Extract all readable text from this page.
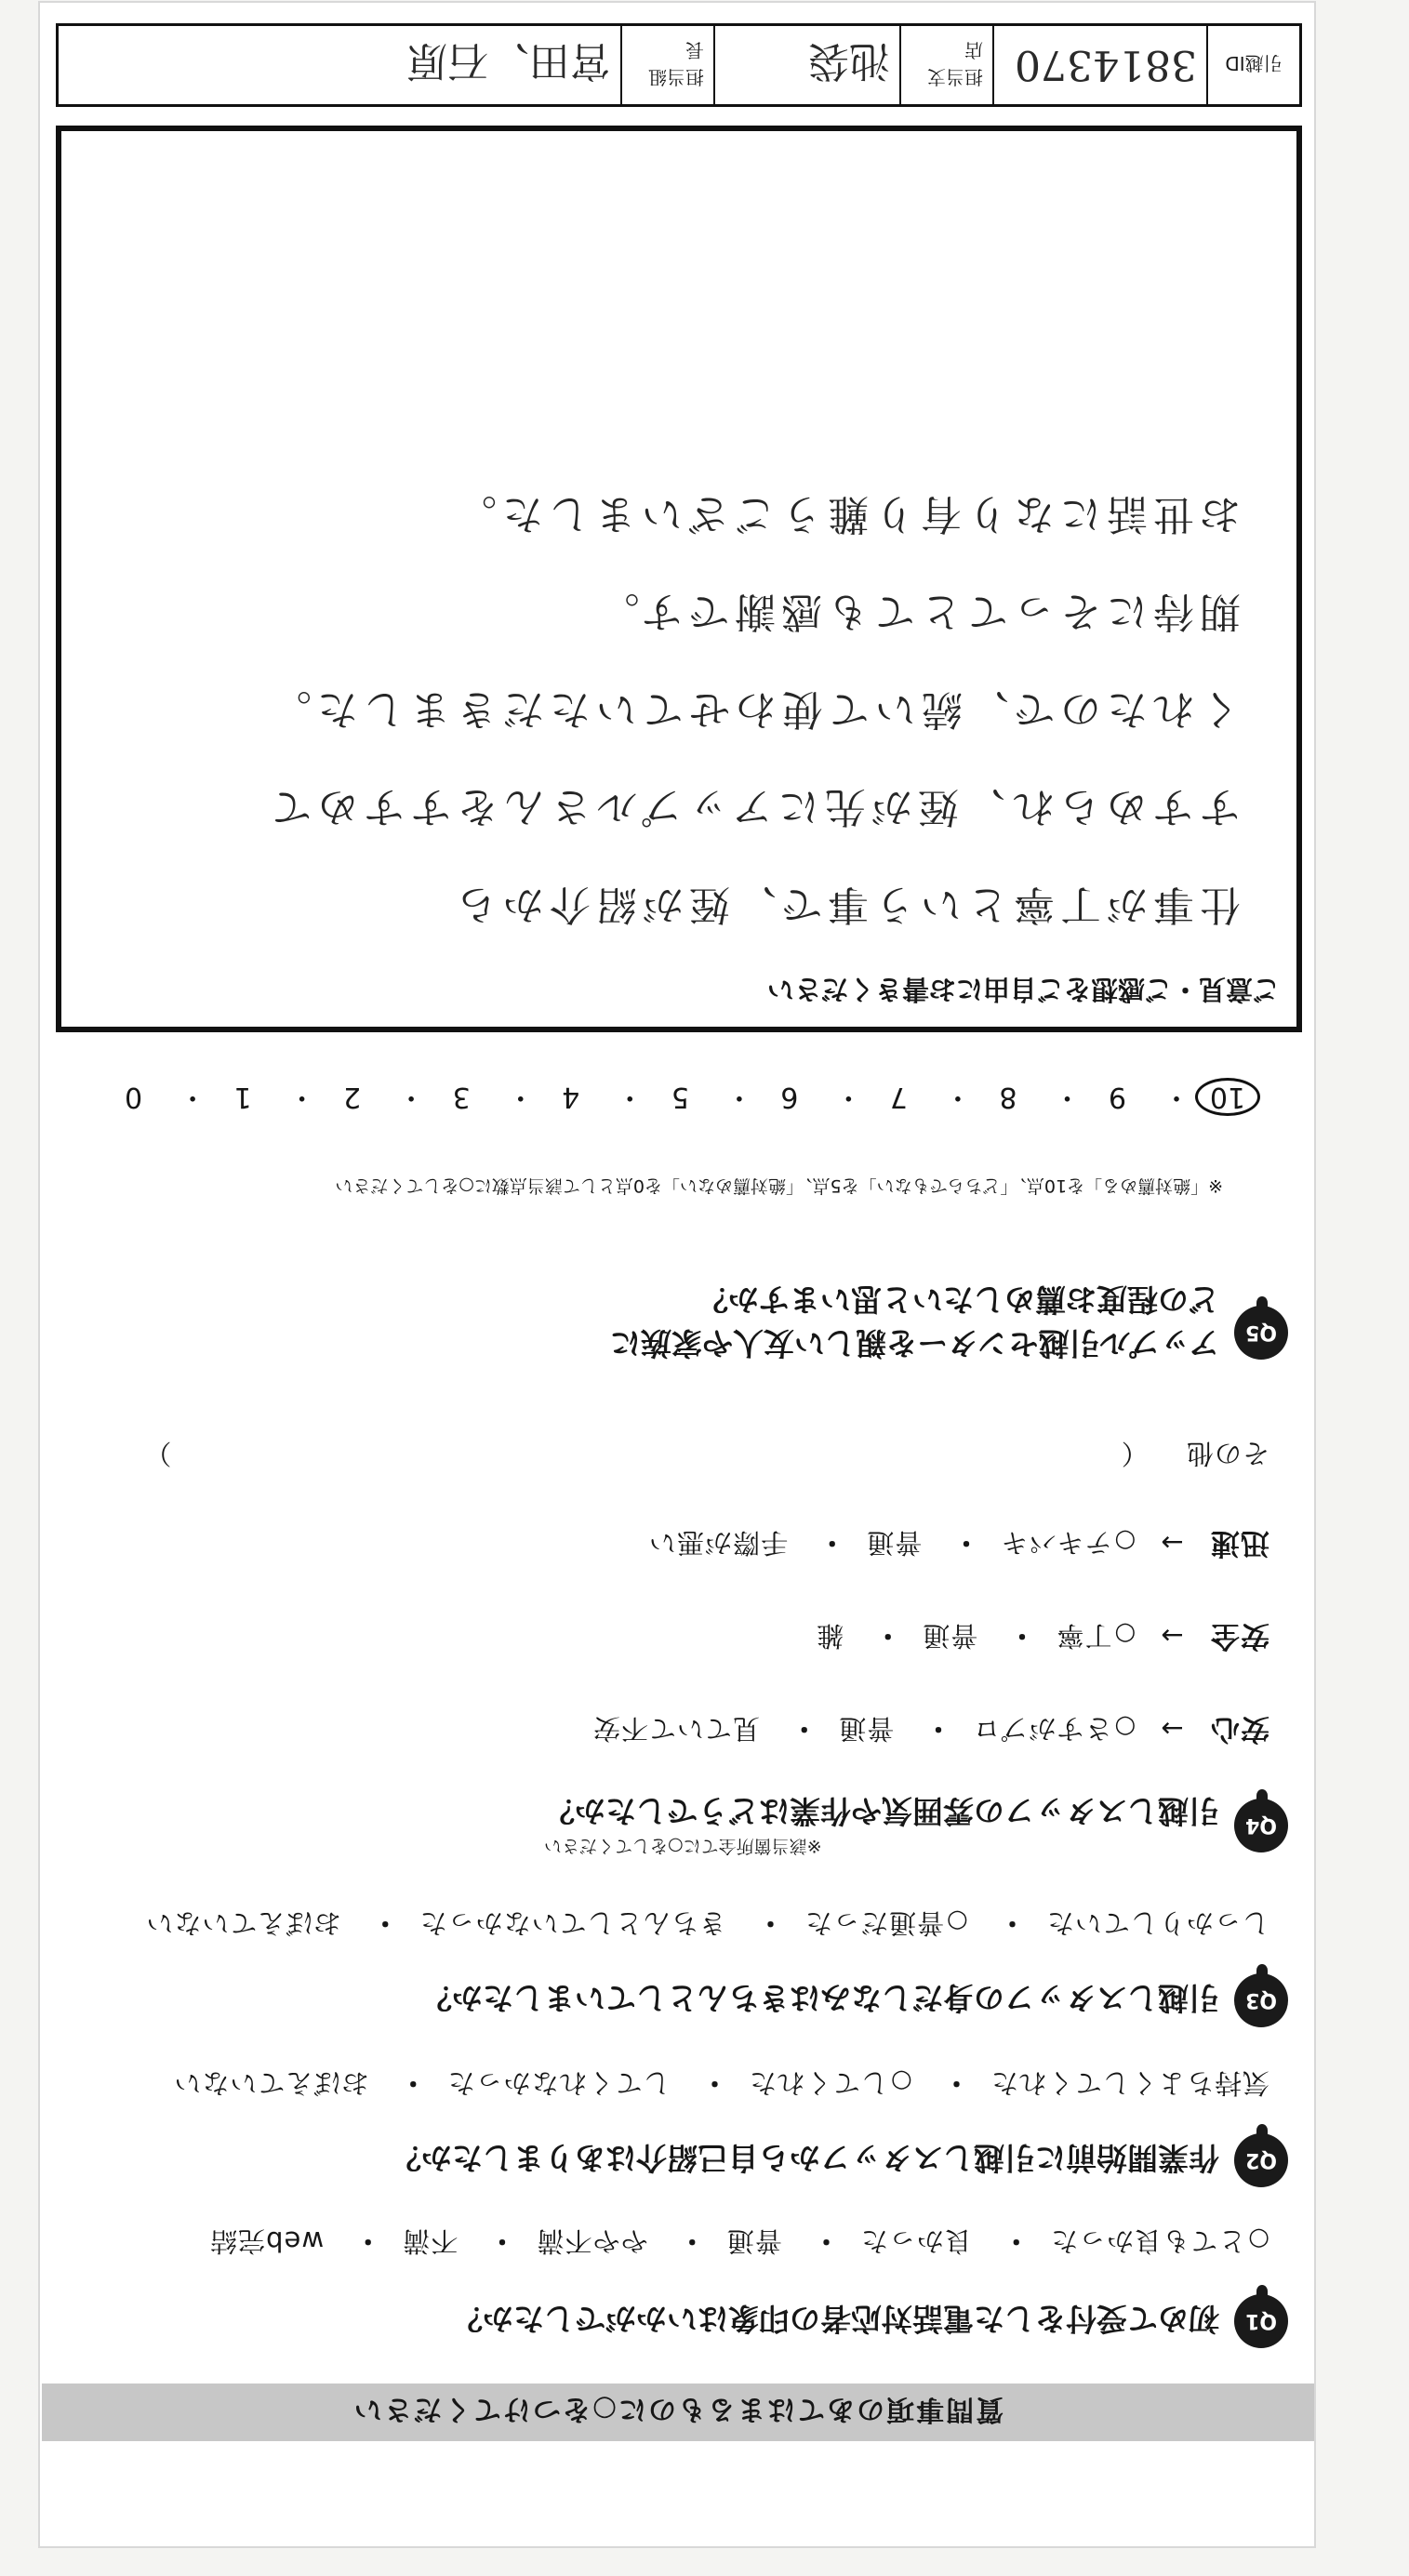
質問事項のあてはまるものに○をつけてください
Q1
初めて受付をした電話対応者の印象はいかがでしたか？
○ とても良かった・ 良かった・ 普通・ やや不満・ 不満・ web完結
Q2
作業開始前に引越しスタッフから自己紹介はありましたか？
気持ちよくしてくれた・ ○ してくれた・ してくれなかった・ おぼえていない
Q3
引越しスタッフの身だしなみはきちんとしていましたか？
しっかりしていた・ ○ 普通だった・ きちんとしていなかった・ おぼえていない
Q4
※該当箇所全てに○をしてください
引越しスタッフの雰囲気や作業はどうでしたか？
安心 → ○ さすがプロ・ 普通・ 見ていて不安
安全 → ○ 丁寧・ 普通・ 雑
迅速 → ○ テキパキ・ 普通・ 手際が悪い
その他 （  ）
Q5
アップル引越センターを親しい友人や家族に
どの程度お薦めしたいと思いますか？
※「絶対薦める」を10点、「どちらでもない」を5点、「絶対薦めない」を0点として該当点数に○をしてください
10・ 9・ 8・ 7・ 6・ 5・ 4・ 3・ 2・ 1・ 0
ご意見・ご感想をご自由にお書きください
仕事が丁寧という事で、姪が紹介から
すすめられ、姪が先にアップルさんをすすめて
くれたので、続いて使わせていただきました。
期待にそってとても感謝です。
お世話になり有り難うございました。
引越ID
3814370
担当支店
池袋
担当組長
宮田、石原
